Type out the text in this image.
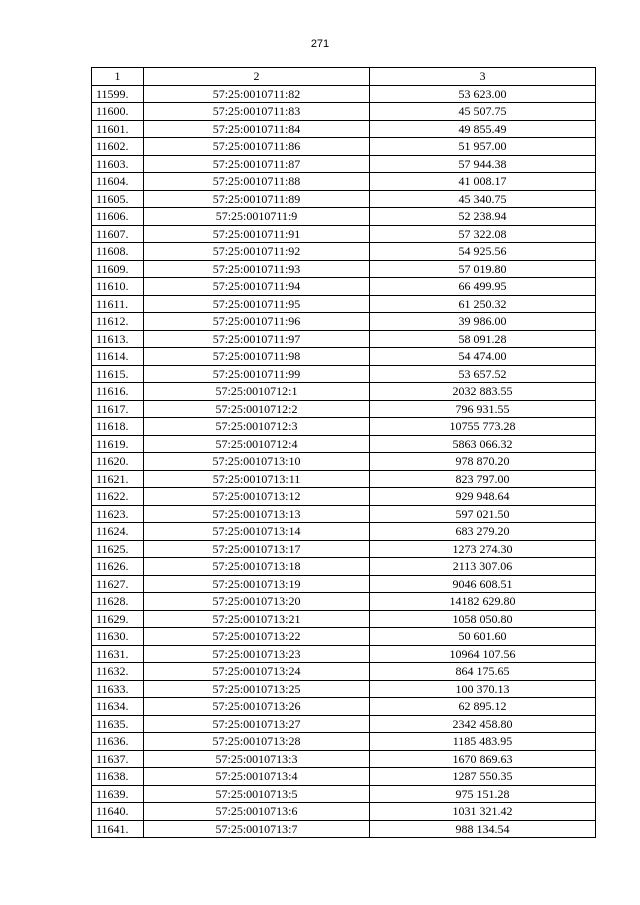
271
1	2	3
11599.	57:25:0010711:82	53 623.00
11600.	57:25:0010711:83	45 507.75
11601.	57:25:0010711:84	49 855.49
11602.	57:25:0010711:86	51 957.00
11603.	57:25:0010711:87	57 944.38
11604.	57:25:0010711:88	41 008.17
11605.	57:25:0010711:89	45 340.75
11606.	57:25:0010711:9	52 238.94
11607.	57:25:0010711:91	57 322.08
11608.	57:25:0010711:92	54 925.56
11609.	57:25:0010711:93	57 019.80
11610.	57:25:0010711:94	66 499.95
11611.	57:25:0010711:95	61 250.32
11612.	57:25:0010711:96	39 986.00
11613.	57:25:0010711:97	58 091.28
11614.	57:25:0010711:98	54 474.00
11615.	57:25:0010711:99	53 657.52
11616.	57:25:0010712:1	2032 883.55
11617.	57:25:0010712:2	796 931.55
11618.	57:25:0010712:3	10755 773.28
11619.	57:25:0010712:4	5863 066.32
11620.	57:25:0010713:10	978 870.20
11621.	57:25:0010713:11	823 797.00
11622.	57:25:0010713:12	929 948.64
11623.	57:25:0010713:13	597 021.50
11624.	57:25:0010713:14	683 279.20
11625.	57:25:0010713:17	1273 274.30
11626.	57:25:0010713:18	2113 307.06
11627.	57:25:0010713:19	9046 608.51
11628.	57:25:0010713:20	14182 629.80
11629.	57:25:0010713:21	1058 050.80
11630.	57:25:0010713:22	50 601.60
11631.	57:25:0010713:23	10964 107.56
11632.	57:25:0010713:24	864 175.65
11633.	57:25:0010713:25	100 370.13
11634.	57:25:0010713:26	62 895.12
11635.	57:25:0010713:27	2342 458.80
11636.	57:25:0010713:28	1185 483.95
11637.	57:25:0010713:3	1670 869.63
11638.	57:25:0010713:4	1287 550.35
11639.	57:25:0010713:5	975 151.28
11640.	57:25:0010713:6	1031 321.42
11641.	57:25:0010713:7	988 134.54
